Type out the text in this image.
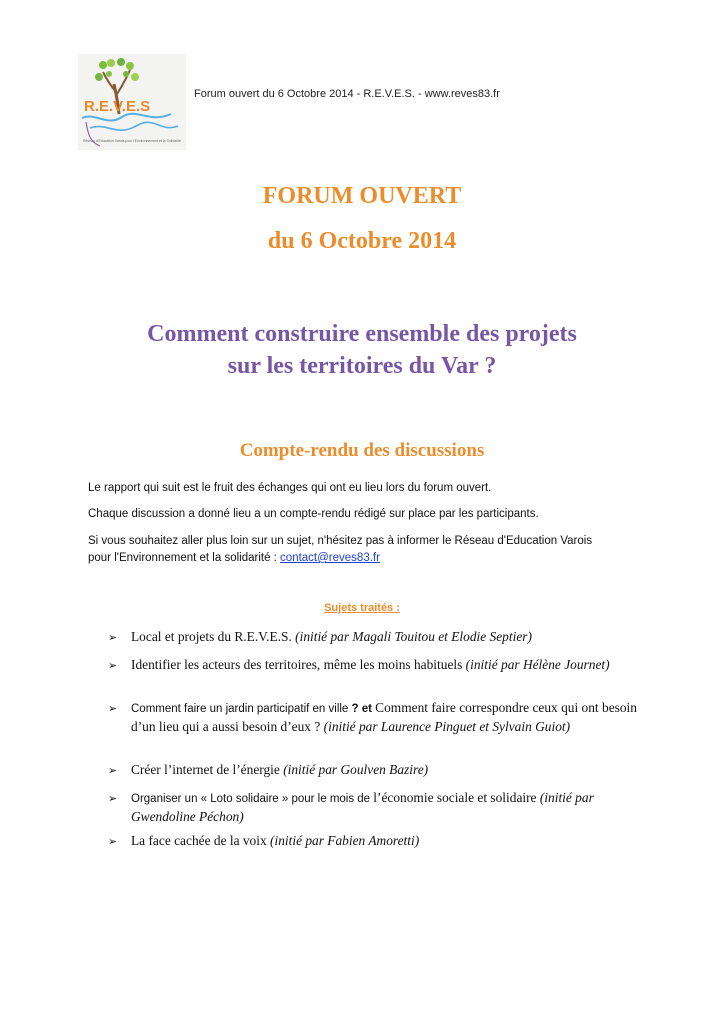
R.E.V.E.S
Réseau d'Education Varois pour l'Environnement et la Solidarité
Forum ouvert du 6 Octobre 2014 - R.E.V.E.S. - www.reves83.fr
FORUM OUVERT
du 6 Octobre 2014
Comment construire ensemble des projets
sur les territoires du Var ?
Compte-rendu des discussions
Le rapport qui suit est le fruit des échanges qui ont eu lieu lors du forum ouvert.
Chaque discussion a donné lieu a un compte-rendu rédigé sur place par les participants.
Si vous souhaitez aller plus loin sur un sujet, n'hésitez pas à informer le Réseau d'Education Varois
pour l'Environnement et la solidarité : contact@reves83.fr
Sujets traités :
➢ Local et projets du R.E.V.E.S. (initié par Magali Touitou et Elodie Septier)
➢ Identifier les acteurs des territoires, même les moins habituels (initié par Hélène Journet)
➢ Comment faire un jardin participatif en ville ? et Comment faire correspondre ceux qui ont besoin d’un lieu qui a aussi besoin d’eux ? (initié par Laurence Pinguet et Sylvain Guiot)
➢ Créer l’internet de l’énergie (initié par Goulven Bazire)
➢ Organiser un « Loto solidaire » pour le mois de l’économie sociale et solidaire (initié par Gwendoline Péchon)
➢ La face cachée de la voix (initié par Fabien Amoretti)
